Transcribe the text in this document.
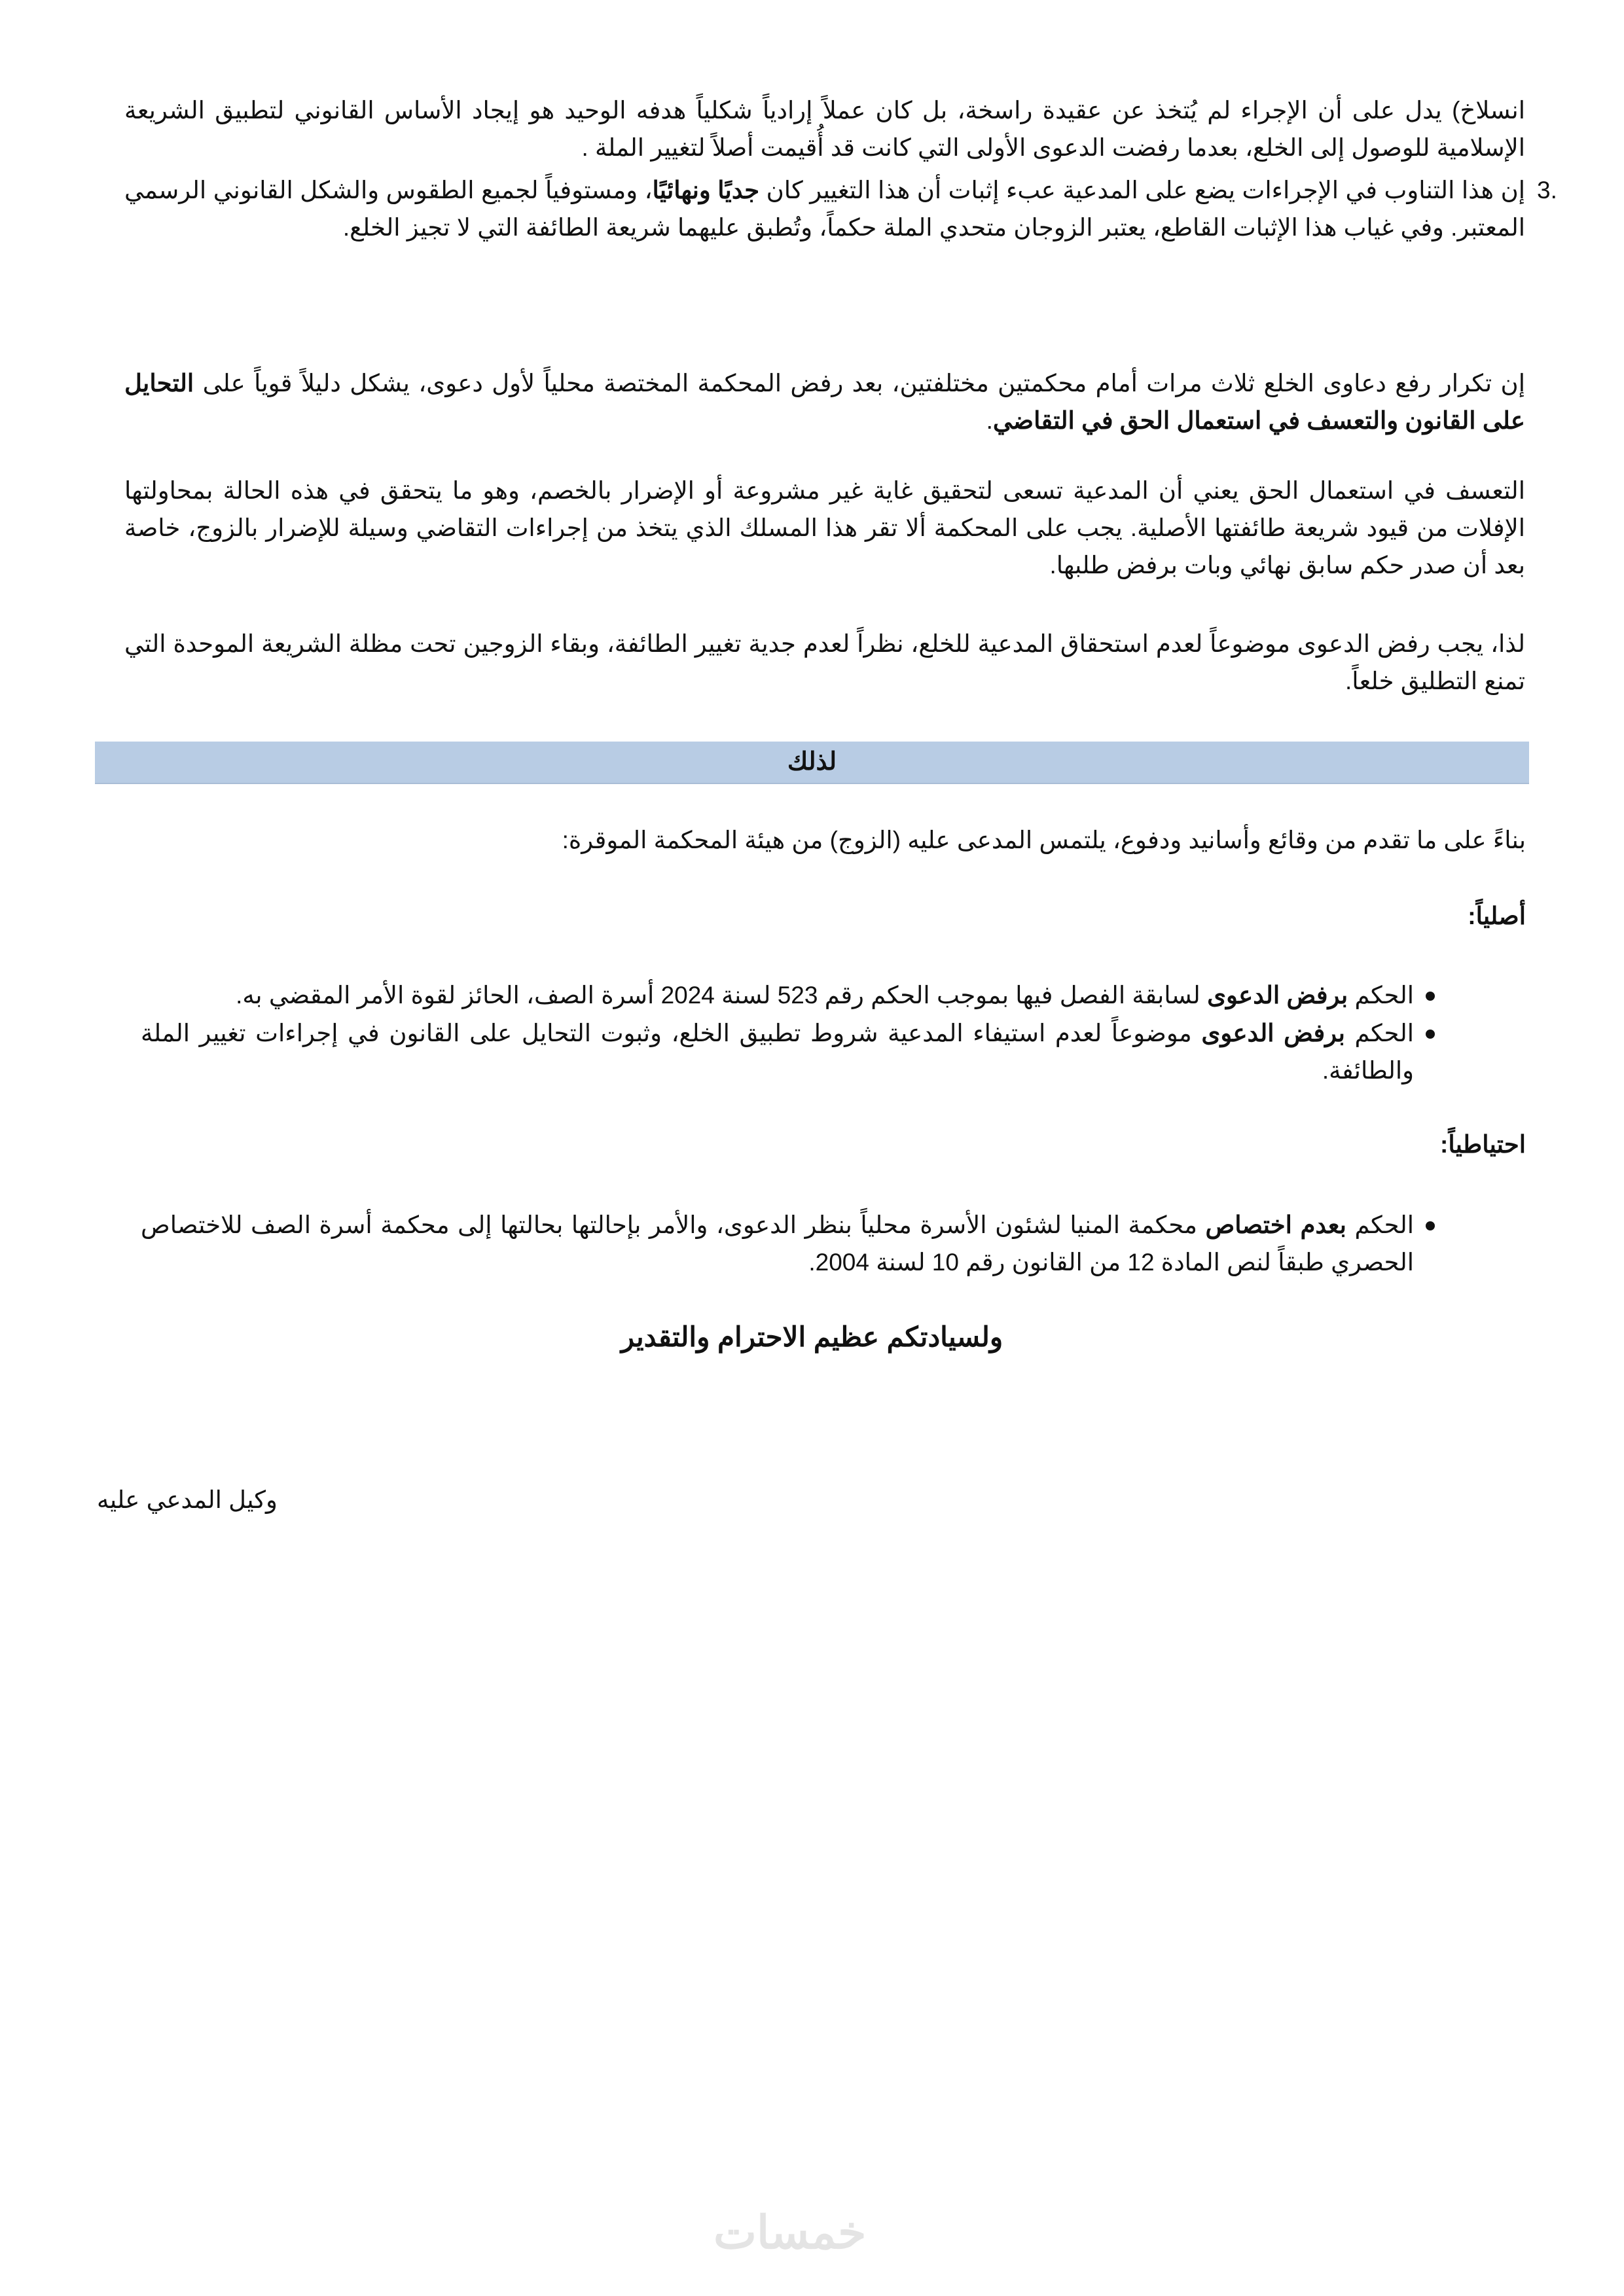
انسلاخ) يدل على أن الإجراء لم يُتخذ عن عقيدة راسخة، بل كان عملاً إرادياً شكلياً هدفه الوحيد هو إيجاد الأساس القانوني لتطبيق الشريعة الإسلامية للوصول إلى الخلع، بعدما رفضت الدعوى الأولى التي كانت قد أُقيمت أصلاً لتغيير الملة .
3.
إن هذا التناوب في الإجراءات يضع على المدعية عبء إثبات أن هذا التغيير كان جديًا ونهائيًا، ومستوفياً لجميع الطقوس والشكل القانوني الرسمي المعتبر. وفي غياب هذا الإثبات القاطع، يعتبر الزوجان متحدي الملة حكماً، وتُطبق عليهما شريعة الطائفة التي لا تجيز الخلع.
إن تكرار رفع دعاوى الخلع ثلاث مرات أمام محكمتين مختلفتين، بعد رفض المحكمة المختصة محلياً لأول دعوى، يشكل دليلاً قوياً على التحايل على القانون والتعسف في استعمال الحق في التقاضي.
التعسف في استعمال الحق يعني أن المدعية تسعى لتحقيق غاية غير مشروعة أو الإضرار بالخصم، وهو ما يتحقق في هذه الحالة بمحاولتها الإفلات من قيود شريعة طائفتها الأصلية. يجب على المحكمة ألا تقر هذا المسلك الذي يتخذ من إجراءات التقاضي وسيلة للإضرار بالزوج، خاصة بعد أن صدر حكم سابق نهائي وبات برفض طلبها.
لذا، يجب رفض الدعوى موضوعاً لعدم استحقاق المدعية للخلع، نظراً لعدم جدية تغيير الطائفة، وبقاء الزوجين تحت مظلة الشريعة الموحدة التي تمنع التطليق خلعاً.
لذلك
بناءً على ما تقدم من وقائع وأسانيد ودفوع، يلتمس المدعى عليه (الزوج) من هيئة المحكمة الموقرة:
أصلياً:
الحكم برفض الدعوى لسابقة الفصل فيها بموجب الحكم رقم 523 لسنة 2024 أسرة الصف، الحائز لقوة الأمر المقضي به.
الحكم برفض الدعوى موضوعاً لعدم استيفاء المدعية شروط تطبيق الخلع، وثبوت التحايل على القانون في إجراءات تغيير الملة والطائفة.
احتياطياً:
الحكم بعدم اختصاص محكمة المنيا لشئون الأسرة محلياً بنظر الدعوى، والأمر بإحالتها بحالتها إلى محكمة أسرة الصف للاختصاص الحصري طبقاً لنص المادة 12 من القانون رقم 10 لسنة 2004.
ولسيادتكم عظيم الاحترام والتقدير
وكيل المدعي عليه
خمسات
